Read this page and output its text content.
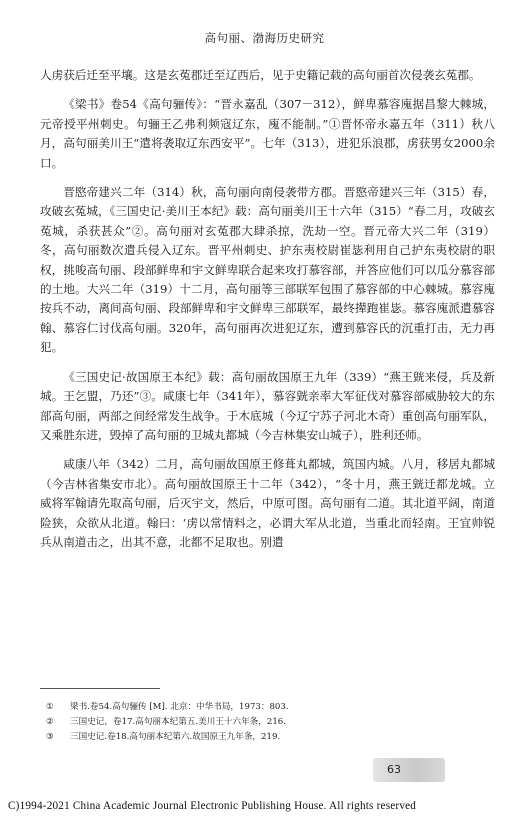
高句丽、渤海历史研究

人虏获后迁至平壤。这是玄菟郡迁至辽西后，见于史籍记载的高句丽首次侵袭玄菟郡。

《梁书》卷54《高句骊传》：“晋永嘉乱（307－312），鲜卑慕容廆据昌黎大棘城，元帝授平州刺史。句骊王乙弗利频寇辽东，廆不能制。”①晋怀帝永嘉五年（311）秋八月，高句丽美川王“遣将袭取辽东西安平”。七年（313），进犯乐浪郡，虏获男女2000余口。

晋愍帝建兴二年（314）秋，高句丽向南侵袭带方郡。晋愍帝建兴三年（315）春，攻破玄菟城，《三国史记·美川王本纪》载：高句丽美川王十六年（315）“春二月，攻破玄菟城，杀获甚众”②。高句丽对玄菟郡大肆杀掠，洗劫一空。晋元帝大兴二年（319）冬，高句丽数次遣兵侵入辽东。晋平州刺史、护东夷校尉崔毖利用自己护东夷校尉的职权，挑唆高句丽、段部鲜卑和宇文鲜卑联合起来攻打慕容部，并答应他们可以瓜分慕容部的土地。大兴二年（319）十二月，高句丽等三部联军包围了慕容部的中心棘城。慕容廆按兵不动，离间高句丽、段部鲜卑和宇文鲜卑三部联军，最终撵跑崔毖。慕容廆派遣慕容翰、慕容仁讨伐高句丽。320年，高句丽再次进犯辽东，遭到慕容氏的沉重打击，无力再犯。

《三国史记·故国原王本纪》载：高句丽故国原王九年（339）“燕王皝来侵，兵及新城。王乞盟，乃还”③。咸康七年（341年），慕容皝亲率大军征伐对慕容部威胁较大的东部高句丽，两部之间经常发生战争。于木底城（今辽宁苏子河北木奇）重创高句丽军队，又乘胜东进，毁掉了高句丽的卫城丸都城（今吉林集安山城子），胜利还师。

咸康八年（342）二月，高句丽故国原王修葺丸都城，筑国内城。八月，移居丸都城（今吉林省集安市北）。高句丽故国原王十二年（342），“冬十月，燕王皝迁都龙城。立威将军翰请先取高句丽，后灭宇文，然后，中原可图。高句丽有二道。其北道平阔，南道险狭，众欲从北道。翰曰：‘虏以常情料之，必谓大军从北道，当重北而轻南。王宜帅锐兵从南道击之，出其不意，北都不足取也。别遣

①	梁书.卷54.高句骊传 [M]. 北京：中华书局，1973：803.
②	三国史记，卷17.高句丽本纪第五.美川王十六年条，216.
③	三国史记.卷18.高句丽本纪第六.故国原王九年条，219.
63
C)1994-2021 China Academic Journal Electronic Publishing House. All rights reserved
